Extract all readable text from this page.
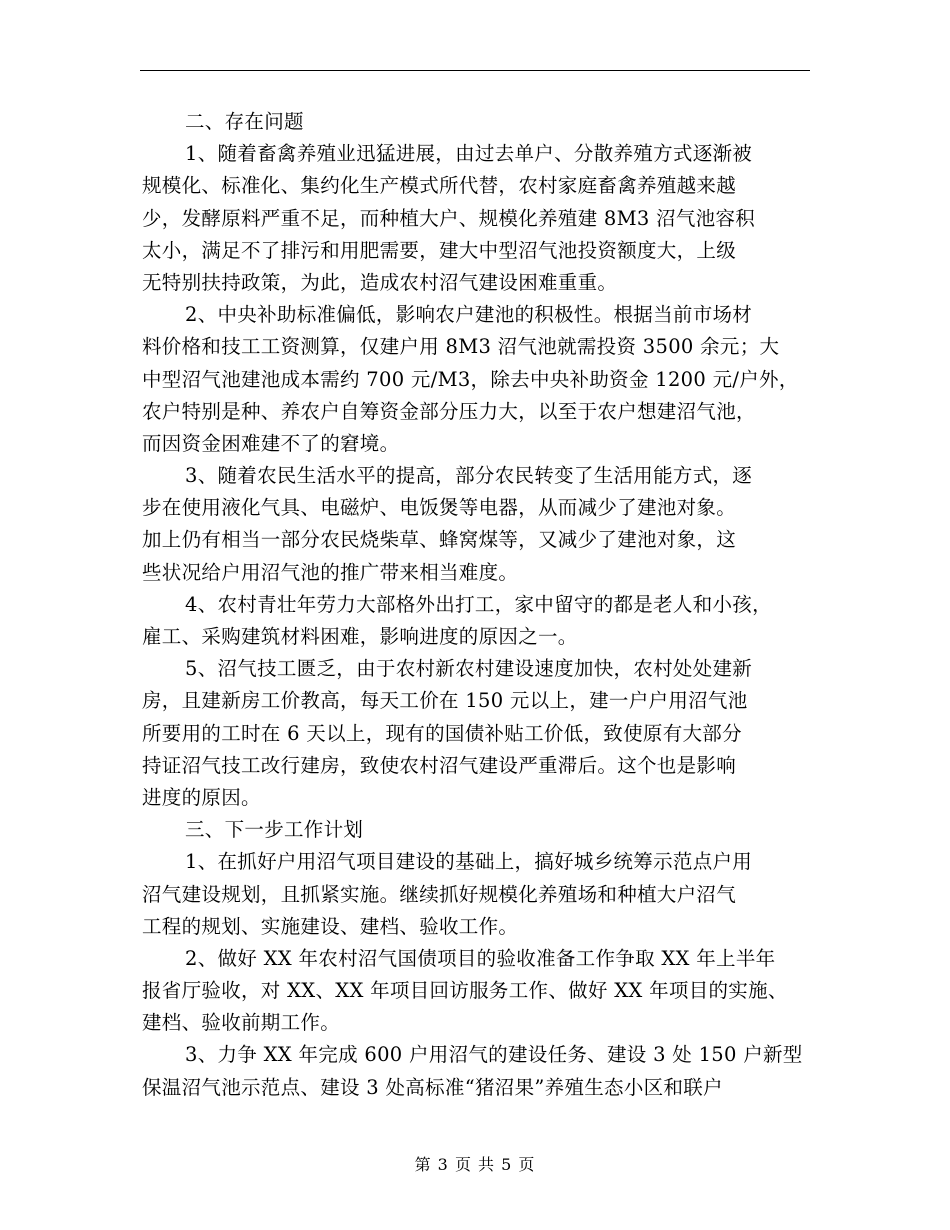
二、存在问题
1、随着畜禽养殖业迅猛进展，由过去单户、分散养殖方式逐渐被
规模化、标准化、集约化生产模式所代替，农村家庭畜禽养殖越来越
少，发酵原料严重不足，而种植大户、规模化养殖建 8M3 沼气池容积
太小，满足不了排污和用肥需要，建大中型沼气池投资额度大，上级
无特别扶持政策，为此，造成农村沼气建设困难重重。
2、中央补助标准偏低，影响农户建池的积极性。根据当前市场材
料价格和技工工资测算，仅建户用 8M3 沼气池就需投资 3500 余元；大
中型沼气池建池成本需约 700 元/M3，除去中央补助资金 1200 元/户外，
农户特别是种、养农户自筹资金部分压力大，以至于农户想建沼气池，
而因资金困难建不了的窘境。
3、随着农民生活水平的提高，部分农民转变了生活用能方式，逐
步在使用液化气具、电磁炉、电饭煲等电器，从而减少了建池对象。
加上仍有相当一部分农民烧柴草、蜂窝煤等，又减少了建池对象，这
些状况给户用沼气池的推广带来相当难度。
4、农村青壮年劳力大部格外出打工，家中留守的都是老人和小孩，
雇工、采购建筑材料困难，影响进度的原因之一。
5、沼气技工匮乏，由于农村新农村建设速度加快，农村处处建新
房，且建新房工价教高，每天工价在 150 元以上，建一户户用沼气池
所要用的工时在 6 天以上，现有的国债补贴工价低，致使原有大部分
持证沼气技工改行建房，致使农村沼气建设严重滞后。这个也是影响
进度的原因。
三、下一步工作计划
1、在抓好户用沼气项目建设的基础上，搞好城乡统筹示范点户用
沼气建设规划，且抓紧实施。继续抓好规模化养殖场和种植大户沼气
工程的规划、实施建设、建档、验收工作。
2、做好 XX 年农村沼气国债项目的验收准备工作争取 XX 年上半年
报省厅验收，对 XX、XX 年项目回访服务工作、做好 XX 年项目的实施、
建档、验收前期工作。
3、力争 XX 年完成 600 户用沼气的建设任务、建设 3 处 150 户新型
保温沼气池示范点、建设 3 处高标准“猪沼果”养殖生态小区和联户
第 3 页 共 5 页
